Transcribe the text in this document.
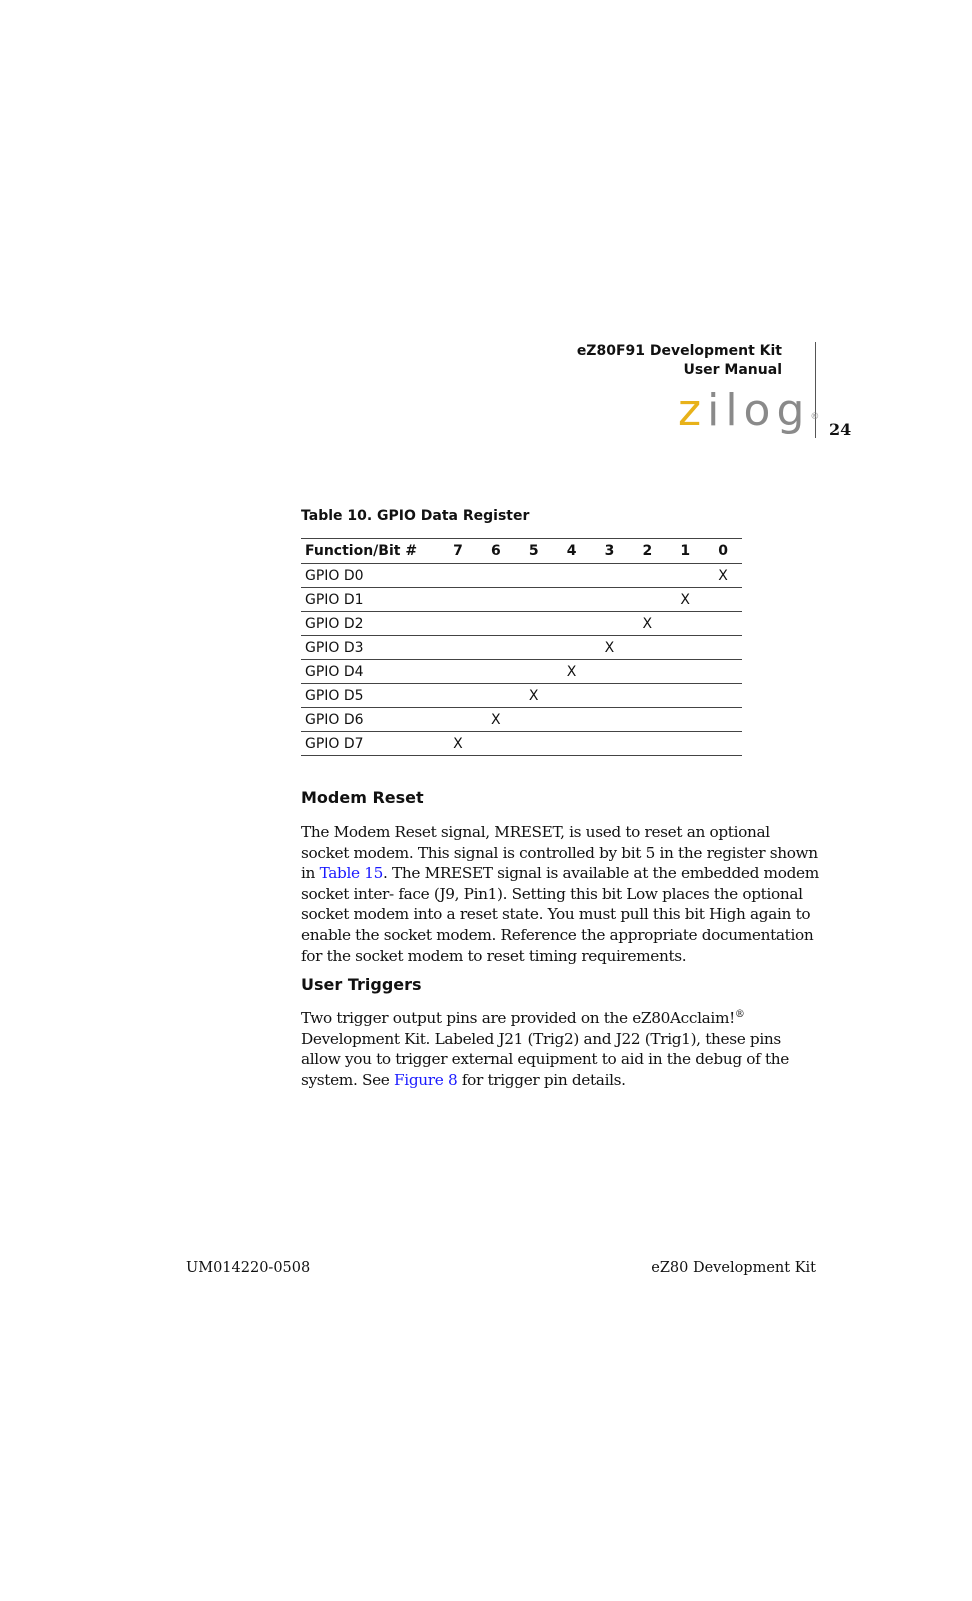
eZ80F91 Development Kit
User Manual
zilog®
24
Table 10. GPIO Data Register
Function/Bit #	7	6	5	4	3	2	1	0
GPIO D0								X
GPIO D1							X	
GPIO D2						X		
GPIO D3					X			
GPIO D4				X				
GPIO D5			X					
GPIO D6		X						
GPIO D7	X							
Modem Reset

The Modem Reset signal, MRESET, is used to reset an optional socket modem. This signal is controlled by bit 5 in the register shown in Table 15. The MRESET signal is available at the embedded modem socket inter- face (J9, Pin1). Setting this bit Low places the optional socket modem into a reset state. You must pull this bit High again to enable the socket modem. Reference the appropriate documentation for the socket modem to reset timing requirements.

User Triggers

Two trigger output pins are provided on the eZ80Acclaim!® Development Kit. Labeled J21 (Trig2) and J22 (Trig1), these pins allow you to trigger external equipment to aid in the debug of the system. See Figure 8 for trigger pin details.

UM014220-0508	eZ80 Development Kit
